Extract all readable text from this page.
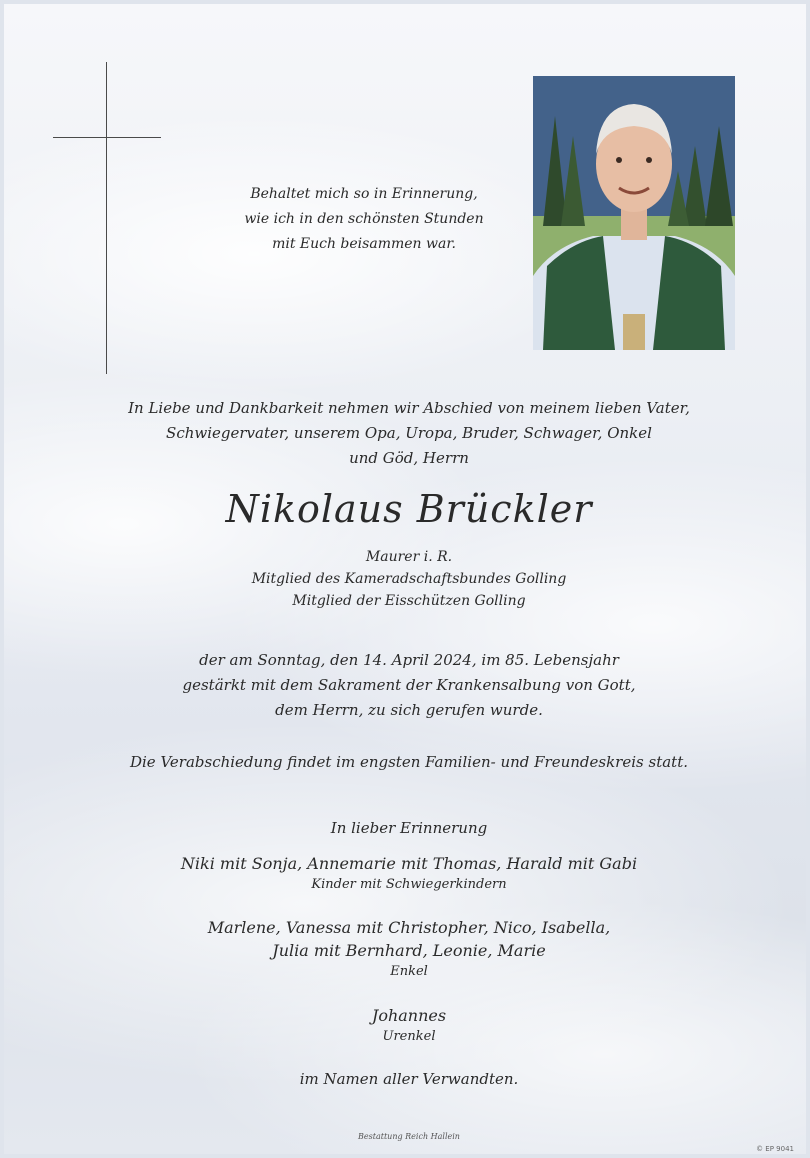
Behaltet mich so in Erinnerung,
wie ich in den schönsten Stunden
mit Euch beisammen war.
In Liebe und Dankbarkeit nehmen wir Abschied von meinem lieben Vater,
Schwiegervater, unserem Opa, Uropa, Bruder, Schwager, Onkel
und Göd, Herrn
Nikolaus Brückler
Maurer i. R.
Mitglied des Kameradschaftsbundes Golling
Mitglied der Eisschützen Golling
der am Sonntag, den 14. April 2024, im 85. Lebensjahr
gestärkt mit dem Sakrament der Krankensalbung von Gott,
dem Herrn, zu sich gerufen wurde.
Die Verabschiedung findet im engsten Familien- und Freundeskreis statt.
In lieber Erinnerung
Niki mit Sonja, Annemarie mit Thomas, Harald mit Gabi
Kinder mit Schwiegerkindern
Marlene, Vanessa mit Christopher, Nico, Isabella,
Julia mit Bernhard, Leonie, Marie
Enkel
Johannes
Urenkel
im Namen aller Verwandten.
Bestattung Reich Hallein
© EP 9041
